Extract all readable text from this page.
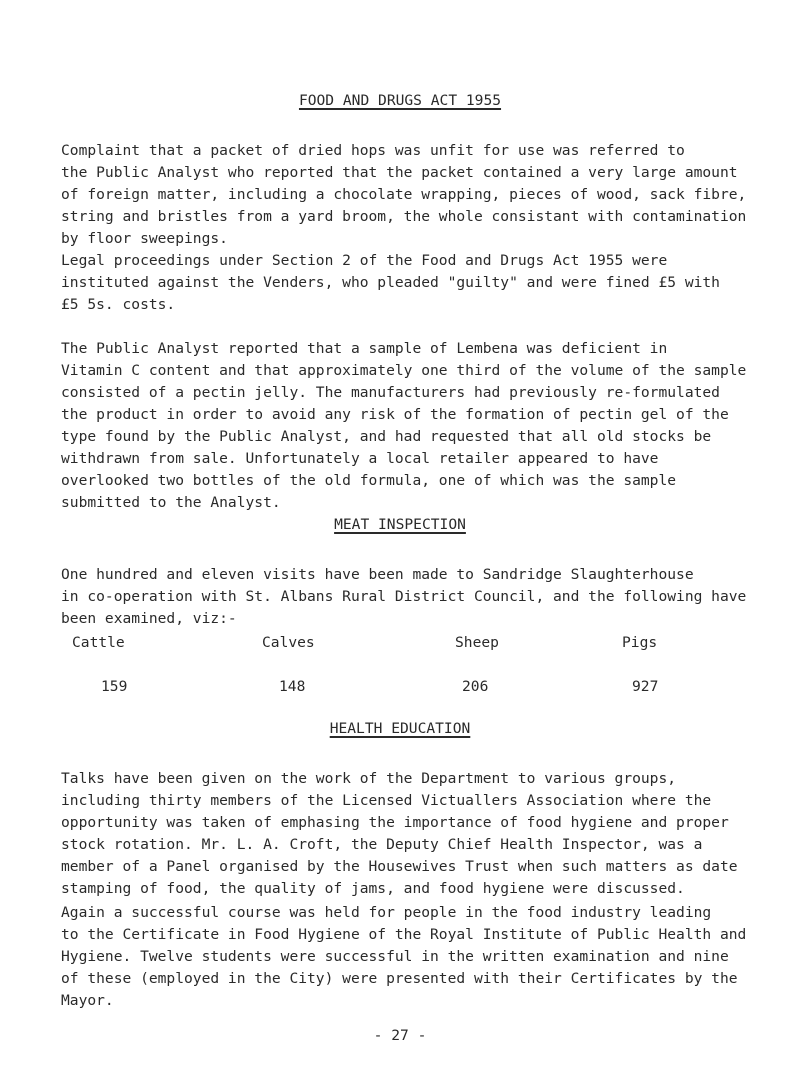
FOOD AND DRUGS ACT 1955

Complaint that a packet of dried hops was unfit for use was referred to
the Public Analyst who reported that the packet contained a very large amount
of foreign matter, including a chocolate wrapping, pieces of wood, sack fibre,
string and bristles from a yard broom, the whole consistant with contamination
by floor sweepings.

Legal proceedings under Section 2 of the Food and Drugs Act 1955 were
instituted against the Venders, who pleaded "guilty" and were fined £5 with
£5 5s. costs.

The Public Analyst reported that a sample of Lembena was deficient in
Vitamin C content and that approximately one third of the volume of the sample
consisted of a pectin jelly. The manufacturers had previously re-formulated
the product in order to avoid any risk of the formation of pectin gel of the
type found by the Public Analyst, and had requested that all old stocks be
withdrawn from sale. Unfortunately a local retailer appeared to have
overlooked two bottles of the old formula, one of which was the sample
submitted to the Analyst.

MEAT INSPECTION

One hundred and eleven visits have been made to Sandridge Slaughterhouse
in co-operation with St. Albans Rural District Council, and the following have
been examined, viz:-

Cattle	Calves	Sheep	Pigs
159	148	206	927
HEALTH EDUCATION

Talks have been given on the work of the Department to various groups,
including thirty members of the Licensed Victuallers Association where the
opportunity was taken of emphasing the importance of food hygiene and proper
stock rotation. Mr. L. A. Croft, the Deputy Chief Health Inspector, was a
member of a Panel organised by the Housewives Trust when such matters as date
stamping of food, the quality of jams, and food hygiene were discussed.

Again a successful course was held for people in the food industry leading
to the Certificate in Food Hygiene of the Royal Institute of Public Health and
Hygiene. Twelve students were successful in the written examination and nine
of these (employed in the City) were presented with their Certificates by the
Mayor.

- 27 -
